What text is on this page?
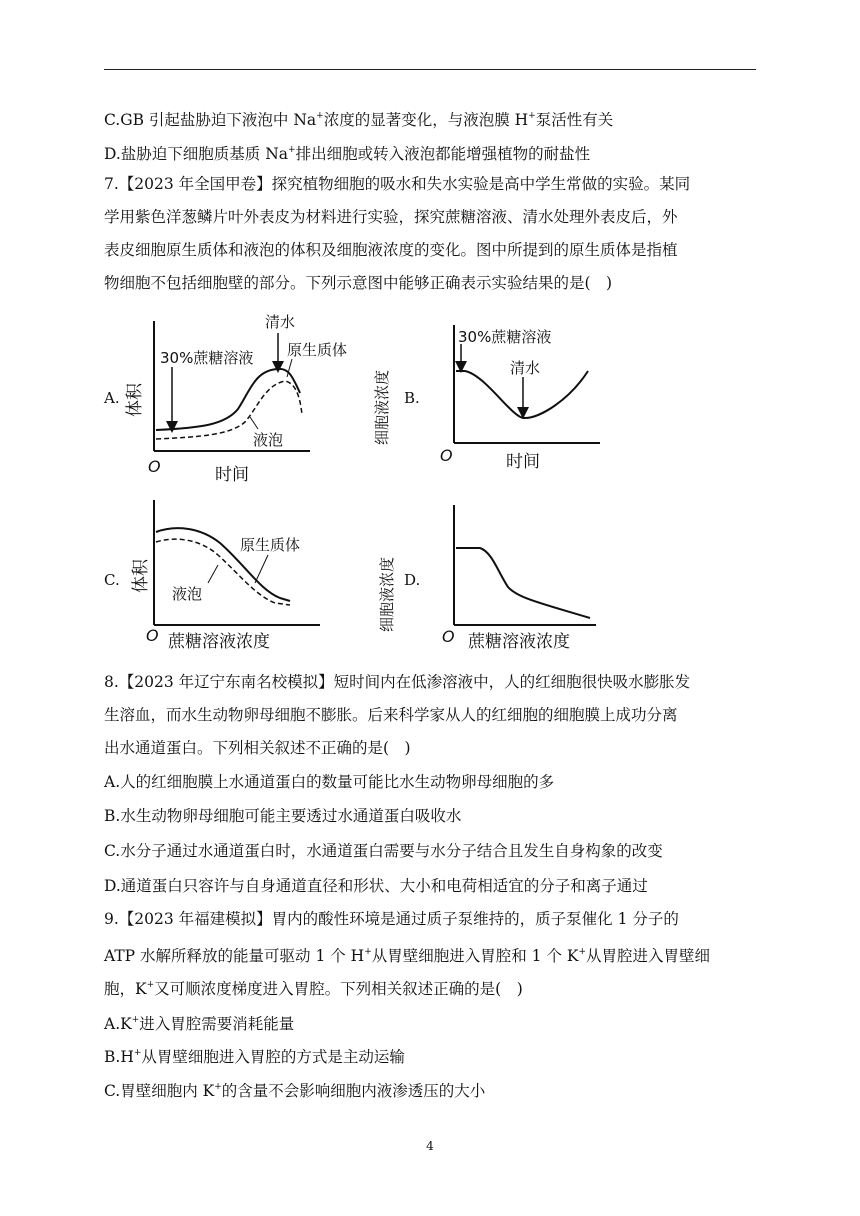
C.GB 引起盐胁迫下液泡中 Na+浓度的显著变化，与液泡膜 H+泵活性有关
D.盐胁迫下细胞质基质 Na+排出细胞或转入液泡都能增强植物的耐盐性
7.【2023 年全国甲卷】探究植物细胞的吸水和失水实验是高中学生常做的实验。某同
学用紫色洋葱鳞片叶外表皮为材料进行实验，探究蔗糖溶液、清水处理外表皮后，外
表皮细胞原生质体和液泡的体积及细胞液浓度的变化。图中所提到的原生质体是指植
物细胞不包括细胞壁的部分。下列示意图中能够正确表示实验结果的是(　)
A. 体积
时间
O
30%蔗糖溶液
清水
原生质体
液泡
B.
细胞液浓度
时间
O
30%蔗糖溶液
清水
C. 体积
蔗糖溶液浓度
O
原生质体
液泡
D.
细胞液浓度
蔗糖溶液浓度
O
8.【2023 年辽宁东南名校模拟】短时间内在低渗溶液中，人的红细胞很快吸水膨胀发
生溶血，而水生动物卵母细胞不膨胀。后来科学家从人的红细胞的细胞膜上成功分离
出水通道蛋白。下列相关叙述不正确的是(　)
A.人的红细胞膜上水通道蛋白的数量可能比水生动物卵母细胞的多
B.水生动物卵母细胞可能主要透过水通道蛋白吸收水
C.水分子通过水通道蛋白时，水通道蛋白需要与水分子结合且发生自身构象的改变
D.通道蛋白只容许与自身通道直径和形状、大小和电荷相适宜的分子和离子通过
9.【2023 年福建模拟】胃内的酸性环境是通过质子泵维持的，质子泵催化 1 分子的
ATP 水解所释放的能量可驱动 1 个 H+从胃壁细胞进入胃腔和 1 个 K+从胃腔进入胃壁细
胞，K+又可顺浓度梯度进入胃腔。下列相关叙述正确的是(　)
A.K+进入胃腔需要消耗能量
B.H+从胃壁细胞进入胃腔的方式是主动运输
C.胃壁细胞内 K+的含量不会影响细胞内液渗透压的大小
4
